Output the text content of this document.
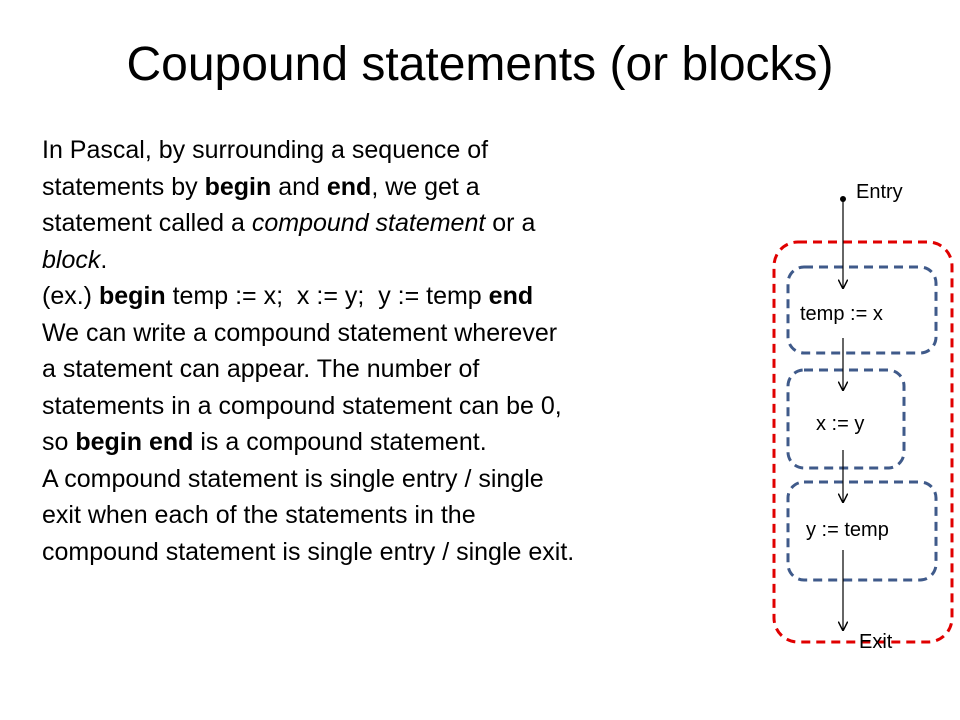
Coupound statements (or blocks)
In Pascal, by surrounding a sequence of
statements by begin and end, we get a
statement called a compound statement or a
block.
(ex.) begin temp := x;  x := y;  y := temp end
We can write a compound statement wherever
a statement can appear. The number of
statements in a compound statement can be 0,
so begin end is a compound statement.
A compound statement is single entry / single
exit when each of the statements in the
compound statement is single entry / single exit.
Entry
temp := x
x := y
y := temp
Exit
